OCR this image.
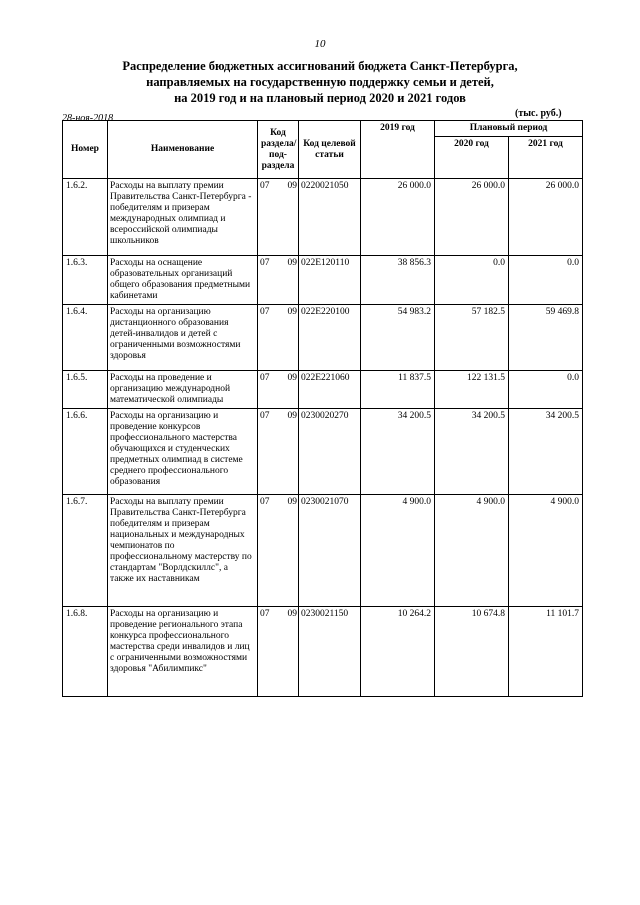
10
Распределение бюджетных ассигнований бюджета Санкт-Петербурга,
направляемых на государственную поддержку семьи и детей,
на 2019 год и на плановый период 2020 и 2021 годов
28-ноя-2018	(тыс. руб.)
Номер	Наименование	Код раздела/ под-раздела	Код целевой статьи	2019 год	Плановый период	
					2020 год	2021 год
1.6.2.	Расходы на выплату премии Правительства Санкт-Петербурга - победителям и призерам международных олимпиад и всероссийской олимпиады школьников	07 09	0220021050	26 000.0	26 000.0	26 000.0
1.6.3.	Расходы на оснащение образовательных организаций общего образования предметными кабинетами	07 09	022Е120110	38 856.3	0.0	0.0
1.6.4.	Расходы на организацию дистанционного образования детей-инвалидов и детей с ограниченными возможностями здоровья	07 09	022Е220100	54 983.2	57 182.5	59 469.8
1.6.5.	Расходы на проведение и организацию международной математической олимпиады	07 09	022Е221060	11 837.5	122 131.5	0.0
1.6.6.	Расходы на организацию и проведение конкурсов профессионального мастерства обучающихся и студенческих предметных олимпиад в системе среднего профессионального образования	07 09	0230020270	34 200.5	34 200.5	34 200.5
1.6.7.	Расходы на выплату премии Правительства Санкт-Петербурга победителям и призерам национальных и международных чемпионатов по профессиональному мастерству по стандартам "Ворлдскиллс", а также их наставникам	07 09	0230021070	4 900.0	4 900.0	4 900.0
1.6.8.	Расходы на организацию и проведение регионального этапа конкурса профессионального мастерства среди инвалидов и лиц с ограниченными возможностями здоровья "Абилимпикс"	07 09	0230021150	10 264.2	10 674.8	11 101.7
